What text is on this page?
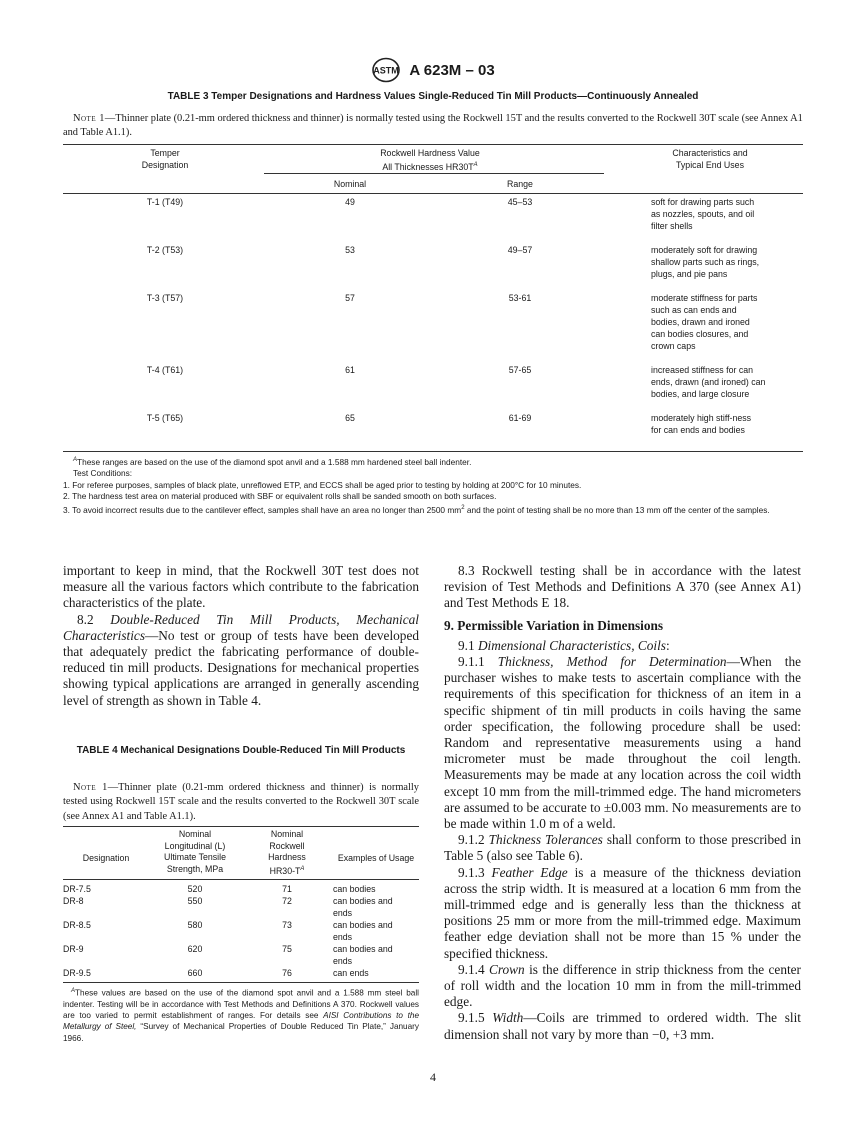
ASTM A 623M – 03
TABLE 3 Temper Designations and Hardness Values Single-Reduced Tin Mill Products—Continuously Annealed
Note 1—Thinner plate (0.21-mm ordered thickness and thinner) is normally tested using the Rockwell 15T and the results converted to the Rockwell 30T scale (see Annex A1 and Table A1.1).
Temper
Designation
Rockwell Hardness Value
All Thicknesses $HR30T^A$
Characteristics and
Typical End Uses
Nominal	Range
T-1 (T49)	49	45–53	soft for drawing parts such as nozzles, spouts, and oil filter shells
T-2 (T53)	53	49–57	moderately soft for drawing shallow parts such as rings, plugs, and pie pans
T-3 (T57)	57	53-61	moderate stiffness for parts such as can ends and bodies, drawn and ironed can bodies closures, and crown caps
T-4 (T61)	61	57-65	increased stiffness for can ends, drawn (and ironed) can bodies, and large closure
T-5 (T65)	65	61-69	moderately high stiff-ness for can ends and bodies
$^A$These ranges are based on the use of the diamond spot anvil and a 1.588 mm hardened steel ball indenter.
Test Conditions:
1. For referee purposes, samples of black plate, unreflowed ETP, and ECCS shall be aged prior to testing by holding at 200°C for 10 minutes.
2. The hardness test area on material produced with SBF or equivalent rolls shall be sanded smooth on both surfaces.
3. To avoid incorrect results due to the cantilever effect, samples shall have an area no longer than 2500 $mm^2$ and the point of testing shall be no more than 13 mm off the center of the samples.

important to keep in mind, that the Rockwell 30T test does not measure all the various factors which contribute to the fabrication characteristics of the plate.

8.2 Double-Reduced Tin Mill Products, Mechanical Characteristics—No test or group of tests have been developed that adequately predict the fabricating performance of double-reduced tin mill products. Designations for mechanical properties showing typical applications are arranged in generally ascending level of strength as shown in Table 4.

TABLE 4 Mechanical Designations Double-Reduced Tin Mill Products
Note 1—Thinner plate (0.21-mm ordered thickness and thinner) is normally tested using Rockwell 15T scale and the results converted to the Rockwell 30T scale (see Annex A1 and Table A1.1).
Designation
Nominal
Longitudinal (L)
Ultimate Tensile
Strength, MPa
Nominal
Rockwell
Hardness
$HR30-T^A$
Examples of Usage
DR-7.5	520	71	can bodies
DR-8	550	72	can bodies and ends
DR-8.5	580	73	can bodies and ends
DR-9	620	75	can bodies and ends
DR-9.5	660	76	can ends
$^A$These values are based on the use of the diamond spot anvil and a 1.588 mm steel ball indenter. Testing will be in accordance with Test Methods and Definitions A 370. Rockwell values are too varied to permit establishment of ranges. For details see AISI Contributions to the Metallurgy of Steel, “Survey of Mechanical Properties of Double Reduced Tin Plate,” January 1966.

8.3 Rockwell testing shall be in accordance with the latest revision of Test Methods and Definitions A 370 (see Annex A1) and Test Methods E 18.

9. Permissible Variation in Dimensions

9.1 Dimensional Characteristics, Coils:

9.1.1 Thickness, Method for Determination—When the purchaser wishes to make tests to ascertain compliance with the requirements of this specification for thickness of an item in a specific shipment of tin mill products in coils having the same order specification, the following procedure shall be used: Random and representative measurements using a hand micrometer must be made throughout the coil length. Measurements may be made at any location across the coil width except 10 mm from the mill-trimmed edge. The hand micrometers are assumed to be accurate to ±0.003 mm. No measurements are to be made within 1.0 m of a weld.

9.1.2 Thickness Tolerances shall conform to those prescribed in Table 5 (also see Table 6).

9.1.3 Feather Edge is a measure of the thickness deviation across the strip width. It is measured at a location 6 mm from the mill-trimmed edge and is generally less than the thickness at positions 25 mm or more from the mill-trimmed edge. Maximum feather edge deviation shall not be more than 15 % under the specified thickness.

9.1.4 Crown is the difference in strip thickness from the center of roll width and the location 10 mm in from the mill-trimmed edge.

9.1.5 Width—Coils are trimmed to ordered width. The slit dimension shall not vary by more than −0, +3 mm.

4
